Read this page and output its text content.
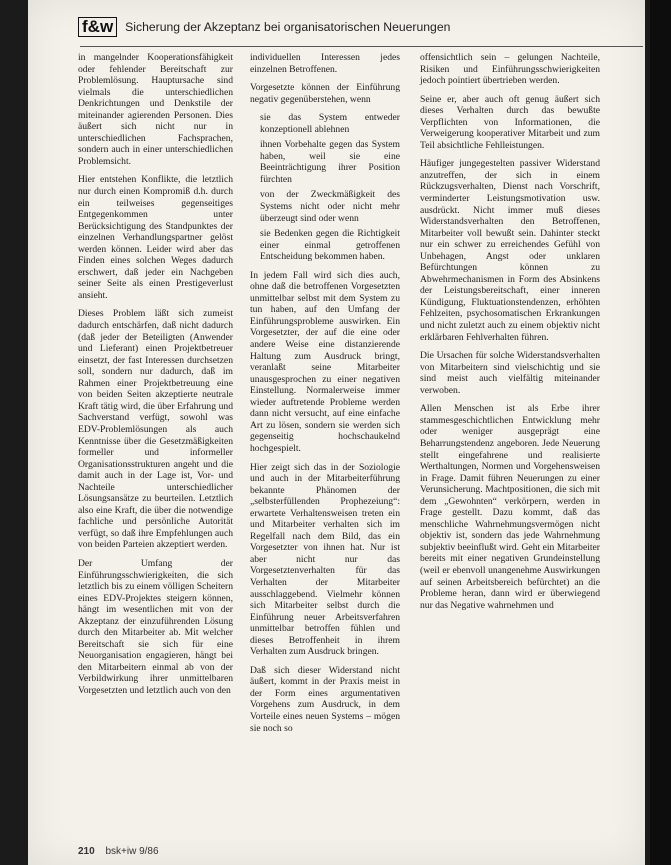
f&w Sicherung der Akzeptanz bei organisatorischen Neuerungen

in mangelnder Kooperationsfähigkeit oder fehlender Bereitschaft zur Problemlösung. Hauptursache sind vielmals die unterschiedlichen Denkrichtungen und Denkstile der miteinander agierenden Personen. Dies äußert sich nicht nur in unterschiedlichen Fachsprachen, sondern auch in einer unterschiedlichen Problemsicht.

Hier entstehen Konflikte, die letztlich nur durch einen Kompromiß d.h. durch ein teilweises gegenseitiges Entgegenkommen unter Berücksichtigung des Standpunktes der einzelnen Verhandlungspartner gelöst werden können. Leider wird aber das Finden eines solchen Weges dadurch erschwert, daß jeder ein Nachgeben seiner Seite als einen Prestigeverlust ansieht.

Dieses Problem läßt sich zumeist dadurch entschärfen, daß nicht dadurch (daß jeder der Beteiligten (Anwender und Lieferant) einen Projektbetreuer einsetzt, der fast Interessen durchsetzen soll, sondern nur dadurch, daß im Rahmen einer Projektbetreuung eine von beiden Seiten akzeptierte neutrale Kraft tätig wird, die über Erfahrung und Sachverstand verfügt, sowohl was EDV-Problemlösungen als auch Kenntnisse über die Gesetzmäßigkeiten formeller und informeller Organisationsstrukturen angeht und die damit auch in der Lage ist, Vor- und Nachteile unterschiedlicher Lösungsansätze zu beurteilen. Letztlich also eine Kraft, die über die notwendige fachliche und persönliche Autorität verfügt, so daß ihre Empfehlungen auch von beiden Parteien akzeptiert werden.

Der Umfang der Einführungsschwierigkeiten, die sich letztlich bis zu einem völligen Scheitern eines EDV-Projektes steigern können, hängt im wesentlichen mit von der Akzeptanz der einzuführenden Lösung durch den Mitarbeiter ab. Mit welcher Bereitschaft sie sich für eine Neuorganisation engagieren, hängt bei den Mitarbeitern einmal ab von der Verbildwirkung ihrer unmittelbaren Vorgesetzten und letztlich auch von den

individuellen Interessen jedes einzelnen Betroffenen.

Vorgesetzte können der Einführung negativ gegenüberstehen, wenn

sie das System entweder konzeptionell ablehnen

ihnen Vorbehalte gegen das System haben, weil sie eine Beeinträchtigung ihrer Position fürchten

von der Zweckmäßigkeit des Systems nicht oder nicht mehr überzeugt sind oder wenn

sie Bedenken gegen die Richtigkeit einer einmal getroffenen Entscheidung bekommen haben.

In jedem Fall wird sich dies auch, ohne daß die betroffenen Vorgesetzten unmittelbar selbst mit dem System zu tun haben, auf den Umfang der Einführungsprobleme auswirken. Ein Vorgesetzter, der auf die eine oder andere Weise eine distanzierende Haltung zum Ausdruck bringt, veranlaßt seine Mitarbeiter unausgesprochen zu einer negativen Einstellung. Normalerweise immer wieder auftretende Probleme werden dann nicht versucht, auf eine einfache Art zu lösen, sondern sie werden sich gegenseitig hochschaukelnd hochgespielt.

Hier zeigt sich das in der Soziologie und auch in der Mitarbeiterführung bekannte Phänomen der „selbsterfüllenden Prophezeiung“: erwartete Verhaltensweisen treten ein und Mitarbeiter verhalten sich im Regelfall nach dem Bild, das ein Vorgesetzter von ihnen hat. Nur ist aber nicht nur das Vorgesetztenverhalten für das Verhalten der Mitarbeiter ausschlaggebend. Vielmehr können sich Mitarbeiter selbst durch die Einführung neuer Arbeitsverfahren unmittelbar betroffen fühlen und dieses Betroffenheit in ihrem Verhalten zum Ausdruck bringen.

Daß sich dieser Widerstand nicht äußert, kommt in der Praxis meist in der Form eines argumentativen Vorgehens zum Ausdruck, in dem Vorteile eines neuen Systems – mögen sie noch so

offensichtlich sein – gelungen Nachteile, Risiken und Einführungsschwierigkeiten jedoch pointiert übertrieben werden.

Seine er, aber auch oft genug äußert sich dieses Verhalten durch das bewußte Verpflichten von Informationen, die Verweigerung kooperativer Mitarbeit und zum Teil absichtliche Fehlleistungen.

Häufiger jungegestelten passiver Widerstand anzutreffen, der sich in einem Rückzugsverhalten, Dienst nach Vorschrift, verminderter Leistungsmotivation usw. ausdrückt. Nicht immer muß dieses Widerstandsverhalten den Betroffenen, Mitarbeiter voll bewußt sein. Dahinter steckt nur ein schwer zu erreichendes Gefühl von Unbehagen, Angst oder unklaren Befürchtungen können zu Abwehrmechanismen in Form des Absinkens der Leistungsbereitschaft, einer inneren Kündigung, Fluktuationstendenzen, erhöhten Fehlzeiten, psychosomatischen Erkrankungen und nicht zuletzt auch zu einem objektiv nicht erklärbaren Fehlverhalten führen.

Die Ursachen für solche Widerstandsverhalten von Mitarbeitern sind vielschichtig und sie sind meist auch vielfältig miteinander verwoben.

Allen Menschen ist als Erbe ihrer stammesgeschichtlichen Entwicklung mehr oder weniger ausgeprägt eine Beharrungstendenz angeboren. Jede Neuerung stellt eingefahrene und realisierte Werthaltungen, Normen und Vorgehensweisen in Frage. Damit führen Neuerungen zu einer Verunsicherung. Machtpositionen, die sich mit dem „Gewohnten“ verkörpern, werden in Frage gestellt. Dazu kommt, daß das menschliche Wahrnehmungsvermögen nicht objektiv ist, sondern das jede Wahrnehmung subjektiv beeinflußt wird. Geht ein Mitarbeiter bereits mit einer negativen Grundeinstellung (weil er ebenvoll unangenehme Auswirkungen auf seinen Arbeitsbereich befürchtet) an die Probleme heran, dann wird er überwiegend nur das Negative wahrnehmen und

210 bsk+iw 9/86
